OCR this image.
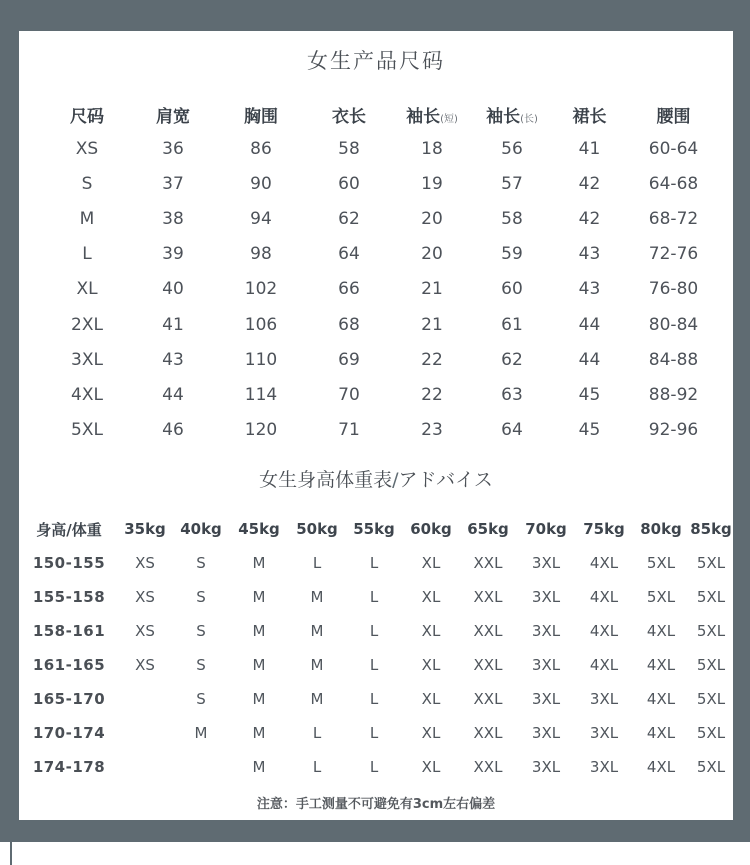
女生产品尺码
尺码	肩宽	胸围	衣长	袖长(短)	袖长(长)	裙长	腰围
XS	36	86	58	18	56	41	60-64
S	37	90	60	19	57	42	64-68
M	38	94	62	20	58	42	68-72
L	39	98	64	20	59	43	72-76
XL	40	102	66	21	60	43	76-80
2XL	41	106	68	21	61	44	80-84
3XL	43	110	69	22	62	44	84-88
4XL	44	114	70	22	63	45	88-92
5XL	46	120	71	23	64	45	92-96
女生身高体重表/アドバイス
身高/体重	35kg	40kg	45kg	50kg	55kg	60kg	65kg	70kg	75kg	80kg	85kg
150-155	XS	S	M	L	L	XL	XXL	3XL	4XL	5XL	5XL
155-158	XS	S	M	M	L	XL	XXL	3XL	4XL	5XL	5XL
158-161	XS	S	M	M	L	XL	XXL	3XL	4XL	4XL	5XL
161-165	XS	S	M	M	L	XL	XXL	3XL	4XL	4XL	5XL
165-170		S	M	M	L	XL	XXL	3XL	3XL	4XL	5XL
170-174		M	M	L	L	XL	XXL	3XL	3XL	4XL	5XL
174-178			M	L	L	XL	XXL	3XL	3XL	4XL	5XL
注意：手工测量不可避免有3cm左右偏差
